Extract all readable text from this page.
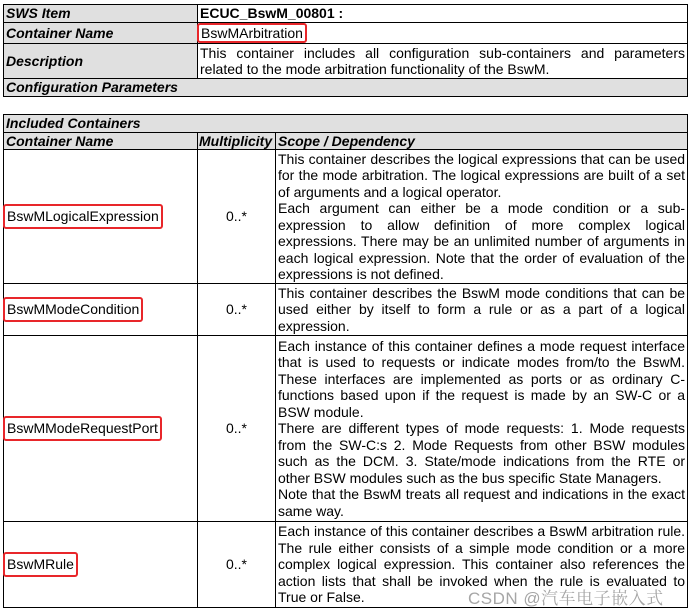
SWS Item	ECUC_BswM_00801 :
Container Name	BswMArbitration
Description	This container includes all configuration sub-containers and parameters related to the mode arbitration functionality of the BswM.
Configuration Parameters	
Included Containers		
Container Name	Multiplicity	Scope / Dependency
BswMLogicalExpression	0..*	This container describes the logical expressions that can be used for the mode arbitration. The logical expressions are built of a set of arguments and a logical operator.
Each argument can either be a mode condition or a sub-expression to allow definition of more complex logical expressions. There may be an unlimited number of arguments in each logical expression. Note that the order of evaluation of the expressions is not defined.

BswMModeCondition	0..*	This container describes the BswM mode conditions that can be used either by itself to form a rule or as a part of a logical expression.

BswMModeRequestPort	0..*	Each instance of this container defines a mode request interface that is used to requests or indicate modes from/to the BswM. These interfaces are implemented as ports or as ordinary C-functions based upon if the request is made by an SW-C or a BSW module.
There are different types of mode requests: 1. Mode requests from the SW-C:s 2. Mode Requests from other BSW modules such as the DCM. 3. State/mode indications from the RTE or other BSW modules such as the bus specific State Managers.
Note that the BswM treats all request and indications in the exact same way.

BswMRule	0..*	Each instance of this container describes a BswM arbitration rule. The rule either consists of a simple mode condition or a more complex logical expression. This container also references the action lists that shall be invoked when the rule is evaluated to True or False.	CSDN @汽车电子嵌入式
